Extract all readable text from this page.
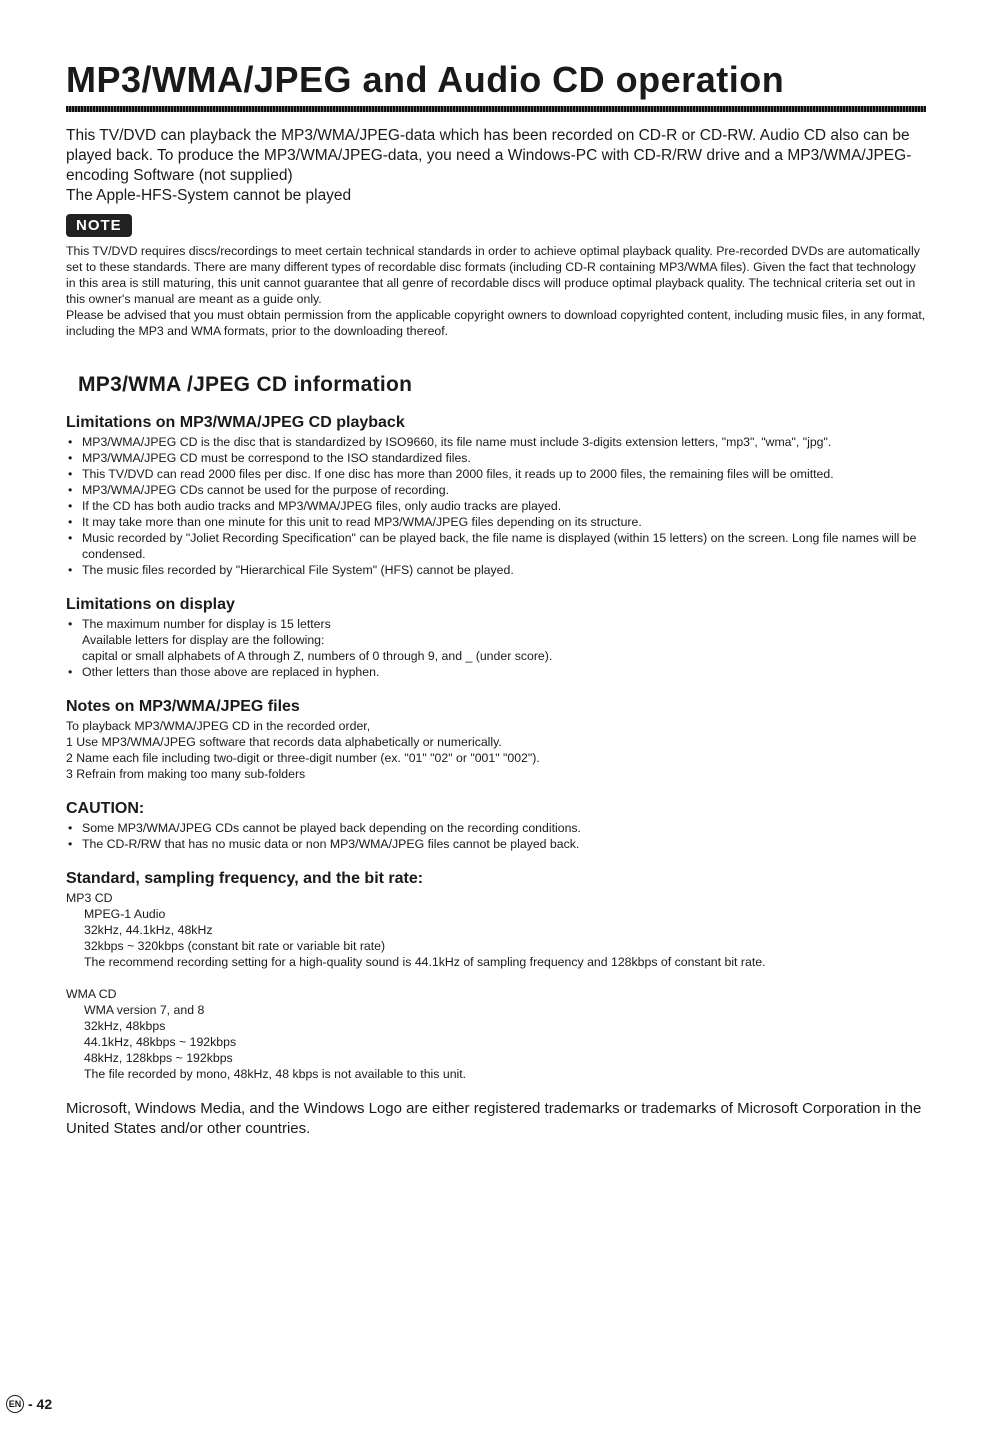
MP3/WMA/JPEG and Audio CD operation

This TV/DVD can playback the MP3/WMA/JPEG-data which has been recorded on CD-R or CD-RW. Audio CD also can be played back. To produce the MP3/WMA/JPEG-data, you need a Windows-PC with CD-R/RW drive and a MP3/WMA/JPEG-encoding Software (not supplied)

The Apple-HFS-System cannot be played

NOTE

This TV/DVD requires discs/recordings to meet certain technical standards in order to achieve optimal playback quality. Pre-recorded DVDs are automatically set to these standards. There are many different types of recordable disc formats (including CD-R containing MP3/WMA files). Given the fact that technology in this area is still maturing, this unit cannot guarantee that all genre of recordable discs will produce optimal playback quality. The technical criteria set out in this owner's manual are meant as a guide only.

Please be advised that you must obtain permission from the applicable copyright owners to download copyrighted content, including music files, in any format, including the MP3 and WMA formats, prior to the downloading thereof.

MP3/WMA /JPEG CD information
Limitations on MP3/WMA/JPEG CD playback
• MP3/WMA/JPEG CD is the disc that is standardized by ISO9660, its file name must include 3-digits extension letters, "mp3", "wma", "jpg".
• MP3/WMA/JPEG CD must be correspond to the ISO standardized files.
• This TV/DVD can read 2000 files per disc. If one disc has more than 2000 files, it reads up to 2000 files, the remaining files will be omitted.
• MP3/WMA/JPEG CDs cannot be used for the purpose of recording.
• If the CD has both audio tracks and MP3/WMA/JPEG files, only audio tracks are played.
• It may take more than one minute for this unit to read MP3/WMA/JPEG files depending on its structure.
• Music recorded by "Joliet Recording Specification" can be played back, the file name is displayed (within 15 letters) on the screen. Long file names will be condensed.
• The music files recorded by "Hierarchical File System" (HFS) cannot be played.
Limitations on display
• The maximum number for display is 15 letters
Available letters for display are the following:
capital or small alphabets of A through Z, numbers of 0 through 9, and _ (under score).
• Other letters than those above are replaced in hyphen.
Notes on MP3/WMA/JPEG files

To playback MP3/WMA/JPEG CD in the recorded order,

1 Use MP3/WMA/JPEG software that records data alphabetically or numerically.

2 Name each file including two-digit or three-digit number (ex. "01" "02" or "001" "002").

3 Refrain from making too many sub-folders

CAUTION:
• Some MP3/WMA/JPEG CDs cannot be played back depending on the recording conditions.
• The CD-R/RW that has no music data or non MP3/WMA/JPEG files cannot be played back.
Standard, sampling frequency, and the bit rate:

MP3 CD

MPEG-1 Audio

32kHz, 44.1kHz, 48kHz

32kbps ~ 320kbps (constant bit rate or variable bit rate)

The recommend recording setting for a high-quality sound is 44.1kHz of sampling frequency and 128kbps of constant bit rate.

WMA CD

WMA version 7, and 8

32kHz, 48kbps

44.1kHz, 48kbps ~ 192kbps

48kHz, 128kbps ~ 192kbps

The file recorded by mono, 48kHz, 48 kbps is not available to this unit.

Microsoft, Windows Media, and the Windows Logo are either registered trademarks or trademarks of Microsoft Corporation in the United States and/or other countries.

EN - 42
